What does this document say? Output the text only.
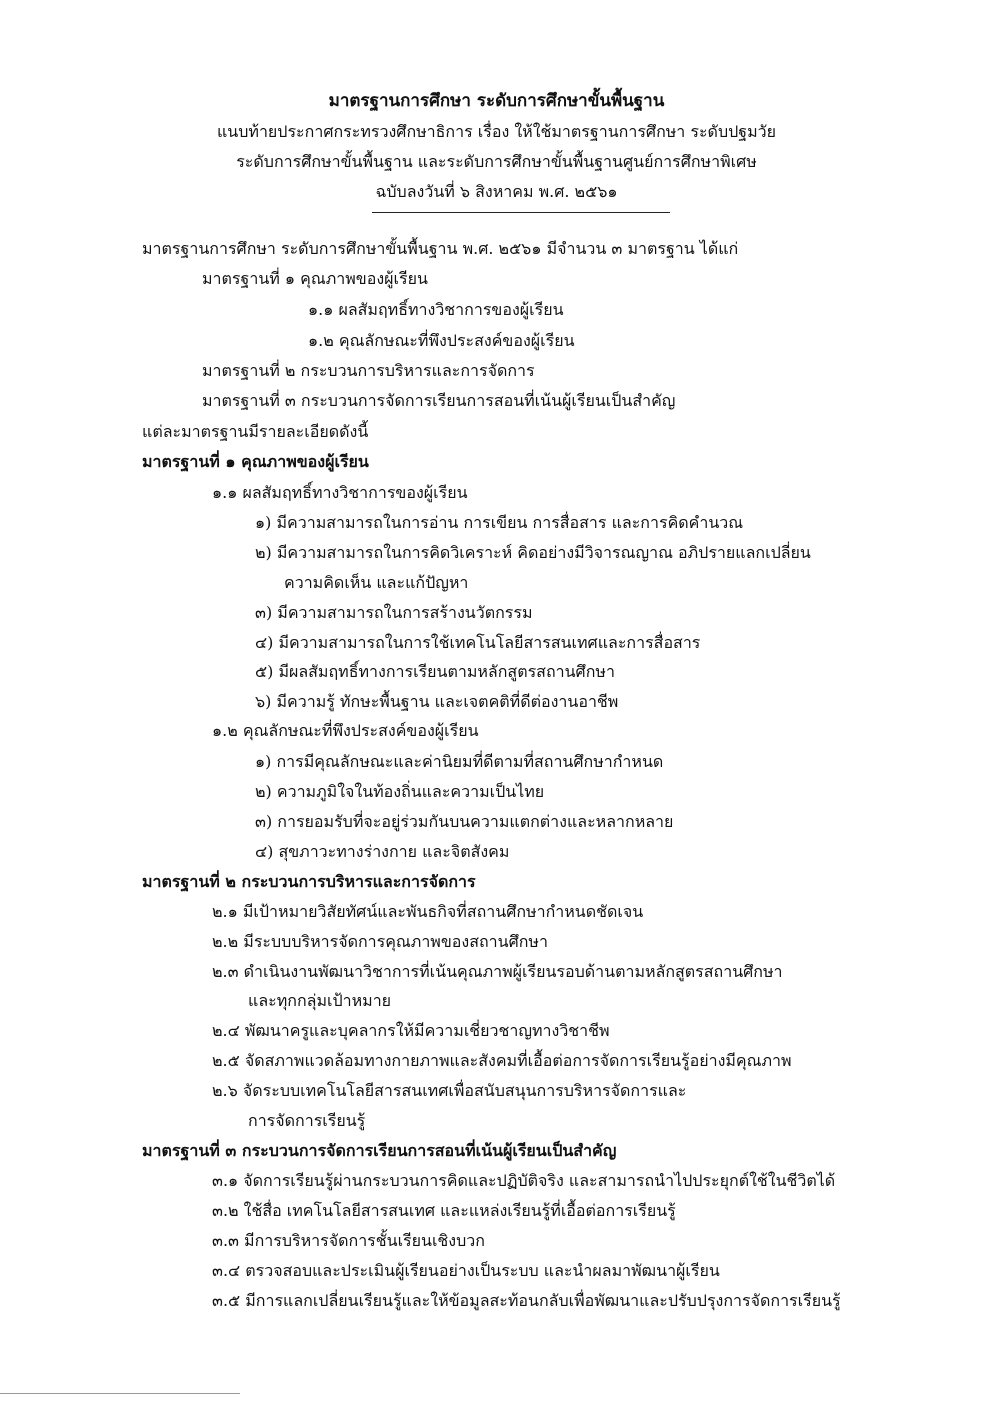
มาตรฐานการศึกษา ระดับการศึกษาขั้นพื้นฐาน
แนบท้ายประกาศกระทรวงศึกษาธิการ เรื่อง ให้ใช้มาตรฐานการศึกษา ระดับปฐมวัย
ระดับการศึกษาขั้นพื้นฐาน และระดับการศึกษาขั้นพื้นฐานศูนย์การศึกษาพิเศษ
ฉบับลงวันที่ ๖ สิงหาคม พ.ศ. ๒๕๖๑
มาตรฐานการศึกษา ระดับการศึกษาขั้นพื้นฐาน พ.ศ. ๒๕๖๑ มีจำนวน ๓ มาตรฐาน ได้แก่
มาตรฐานที่ ๑ คุณภาพของผู้เรียน
๑.๑ ผลสัมฤทธิ์ทางวิชาการของผู้เรียน
๑.๒ คุณลักษณะที่พึงประสงค์ของผู้เรียน
มาตรฐานที่ ๒ กระบวนการบริหารและการจัดการ
มาตรฐานที่ ๓ กระบวนการจัดการเรียนการสอนที่เน้นผู้เรียนเป็นสำคัญ
แต่ละมาตรฐานมีรายละเอียดดังนี้
มาตรฐานที่ ๑ คุณภาพของผู้เรียน
๑.๑ ผลสัมฤทธิ์ทางวิชาการของผู้เรียน
๑) มีความสามารถในการอ่าน การเขียน การสื่อสาร และการคิดคำนวณ
๒) มีความสามารถในการคิดวิเคราะห์ คิดอย่างมีวิจารณญาณ อภิปรายแลกเปลี่ยน
ความคิดเห็น และแก้ปัญหา
๓) มีความสามารถในการสร้างนวัตกรรม
๔) มีความสามารถในการใช้เทคโนโลยีสารสนเทศและการสื่อสาร
๕) มีผลสัมฤทธิ์ทางการเรียนตามหลักสูตรสถานศึกษา
๖) มีความรู้ ทักษะพื้นฐาน และเจตคติที่ดีต่องานอาชีพ
๑.๒ คุณลักษณะที่พึงประสงค์ของผู้เรียน
๑) การมีคุณลักษณะและค่านิยมที่ดีตามที่สถานศึกษากำหนด
๒) ความภูมิใจในท้องถิ่นและความเป็นไทย
๓) การยอมรับที่จะอยู่ร่วมกันบนความแตกต่างและหลากหลาย
๔) สุขภาวะทางร่างกาย และจิตสังคม
มาตรฐานที่ ๒ กระบวนการบริหารและการจัดการ
๒.๑ มีเป้าหมายวิสัยทัศน์และพันธกิจที่สถานศึกษากำหนดชัดเจน
๒.๒ มีระบบบริหารจัดการคุณภาพของสถานศึกษา
๒.๓ ดำเนินงานพัฒนาวิชาการที่เน้นคุณภาพผู้เรียนรอบด้านตามหลักสูตรสถานศึกษา
และทุกกลุ่มเป้าหมาย
๒.๔ พัฒนาครูและบุคลากรให้มีความเชี่ยวชาญทางวิชาชีพ
๒.๕ จัดสภาพแวดล้อมทางกายภาพและสังคมที่เอื้อต่อการจัดการเรียนรู้อย่างมีคุณภาพ
๒.๖ จัดระบบเทคโนโลยีสารสนเทศเพื่อสนับสนุนการบริหารจัดการและ
การจัดการเรียนรู้
มาตรฐานที่ ๓ กระบวนการจัดการเรียนการสอนที่เน้นผู้เรียนเป็นสำคัญ
๓.๑ จัดการเรียนรู้ผ่านกระบวนการคิดและปฏิบัติจริง และสามารถนำไปประยุกต์ใช้ในชีวิตได้
๓.๒ ใช้สื่อ เทคโนโลยีสารสนเทศ และแหล่งเรียนรู้ที่เอื้อต่อการเรียนรู้
๓.๓ มีการบริหารจัดการชั้นเรียนเชิงบวก
๓.๔ ตรวจสอบและประเมินผู้เรียนอย่างเป็นระบบ และนำผลมาพัฒนาผู้เรียน
๓.๕ มีการแลกเปลี่ยนเรียนรู้และให้ข้อมูลสะท้อนกลับเพื่อพัฒนาและปรับปรุงการจัดการเรียนรู้
